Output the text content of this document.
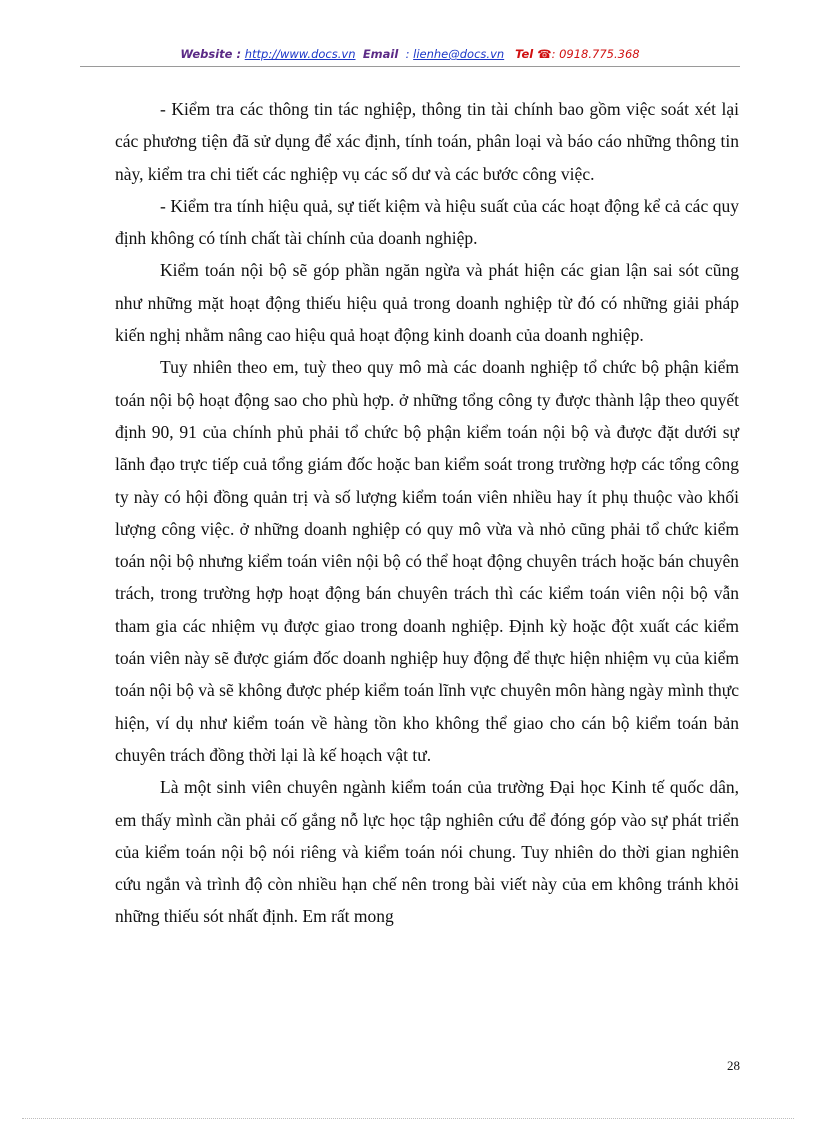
Website : http://www.docs.vn Email : lienhe@docs.vn Tel ☎: 0918.775.368

- Kiểm tra các thông tin tác nghiệp, thông tin tài chính bao gồm việc soát xét lại các phương tiện đã sử dụng để xác định, tính toán, phân loại và báo cáo những thông tin này, kiểm tra chi tiết các nghiệp vụ các số dư và các bước công việc.

- Kiểm tra tính hiệu quả, sự tiết kiệm và hiệu suất của các hoạt động kể cả các quy định không có tính chất tài chính của doanh nghiệp.

Kiểm toán nội bộ sẽ góp phần ngăn ngừa và phát hiện các gian lận sai sót cũng như những mặt hoạt động thiếu hiệu quả trong doanh nghiệp từ đó có những giải pháp kiến nghị nhằm nâng cao hiệu quả hoạt động kinh doanh của doanh nghiệp.

Tuy nhiên theo em, tuỳ theo quy mô mà các doanh nghiệp tổ chức bộ phận kiểm toán nội bộ hoạt động sao cho phù hợp. ở những tổng công ty được thành lập theo quyết định 90, 91 của chính phủ phải tổ chức bộ phận kiểm toán nội bộ và được đặt dưới sự lãnh đạo trực tiếp cuả tổng giám đốc hoặc ban kiểm soát trong trường hợp các tổng công ty này có hội đồng quản trị và số lượng kiểm toán viên nhiều hay ít phụ thuộc vào khối lượng công việc. ở những doanh nghiệp có quy mô vừa và nhỏ cũng phải tổ chức kiểm toán nội bộ nhưng kiểm toán viên nội bộ có thể hoạt động chuyên trách hoặc bán chuyên trách, trong trường hợp hoạt động bán chuyên trách thì các kiểm toán viên nội bộ vẫn tham gia các nhiệm vụ được giao trong doanh nghiệp. Định kỳ hoặc đột xuất các kiểm toán viên này sẽ được giám đốc doanh nghiệp huy động để thực hiện nhiệm vụ của kiểm toán nội bộ và sẽ không được phép kiểm toán lĩnh vực chuyên môn hàng ngày mình thực hiện, ví dụ như kiểm toán về hàng tồn kho không thể giao cho cán bộ kiểm toán bản chuyên trách đồng thời lại là kế hoạch vật tư.

Là một sinh viên chuyên ngành kiểm toán của trường Đại học Kinh tế quốc dân, em thấy mình cần phải cố gắng nỗ lực học tập nghiên cứu để đóng góp vào sự phát triển của kiểm toán nội bộ nói riêng và kiểm toán nói chung. Tuy nhiên do thời gian nghiên cứu ngắn và trình độ còn nhiều hạn chế nên trong bài viết này của em không tránh khỏi những thiếu sót nhất định. Em rất mong

28
